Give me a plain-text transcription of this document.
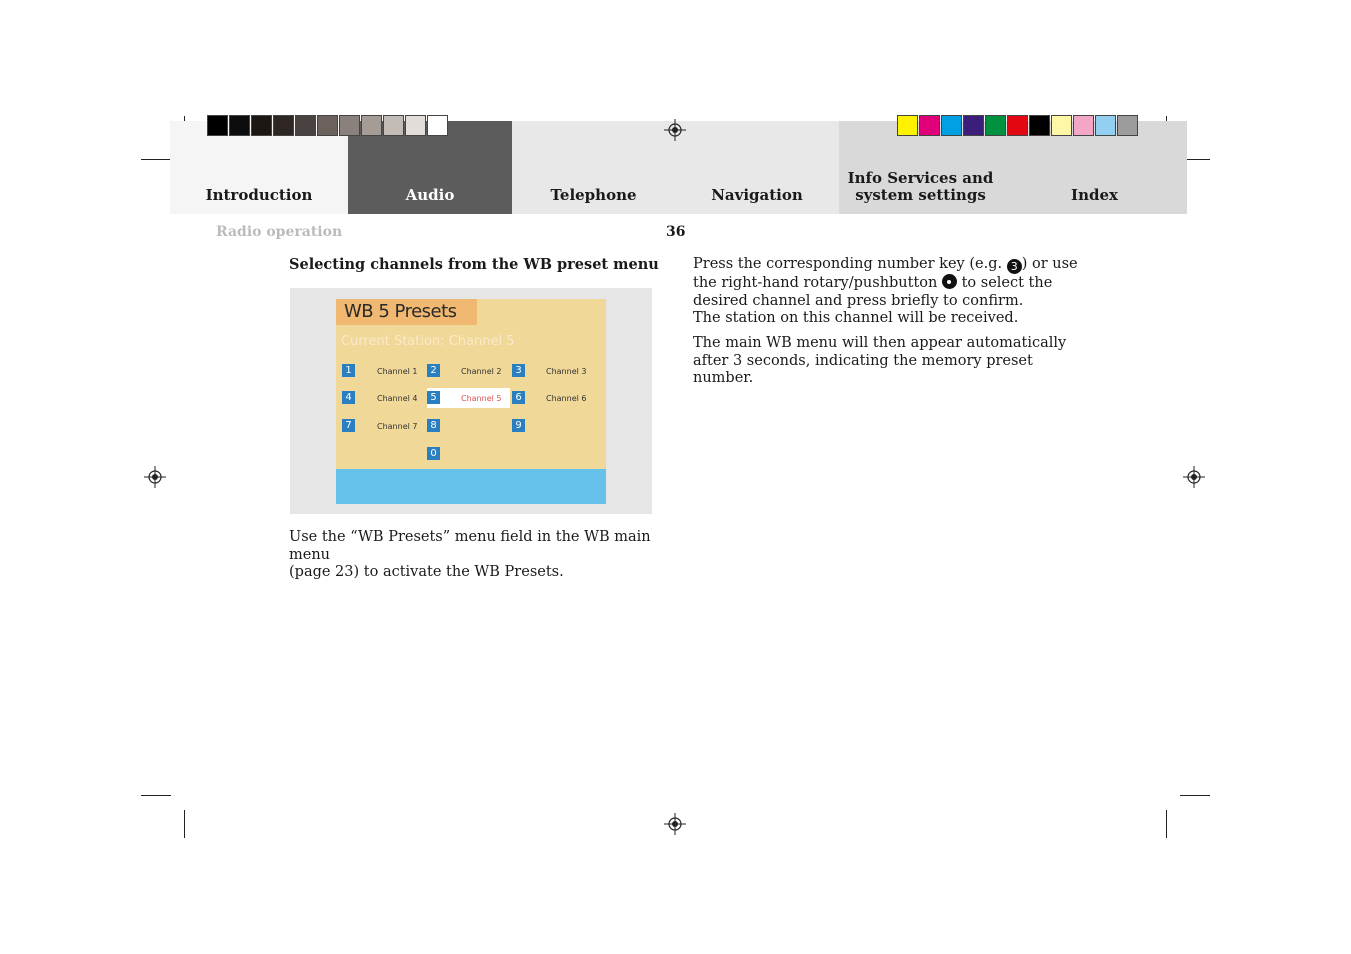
Introduction	Audio	Telephone	Navigation
Info Services and
system settings	Index
Radio operation	36
Selecting channels from the WB preset menu
WB 5 Presets
Current Station: Channel 5
1	Channel 1	2	Channel 2	3	Channel 3
4	Channel 4	5	Channel 5	6	Channel 6
7	Channel 7	8	9
0
Use the “WB Presets” menu field in the WB main menu
(page 23) to activate the WB Presets.
Press the corresponding number key (e.g. 3 ) or use
the right-hand rotary/pushbutton  to select the
desired channel and press briefly to confirm.
The station on this channel will be received.
The main WB menu will then appear automatically
after 3 seconds, indicating the memory preset number.
